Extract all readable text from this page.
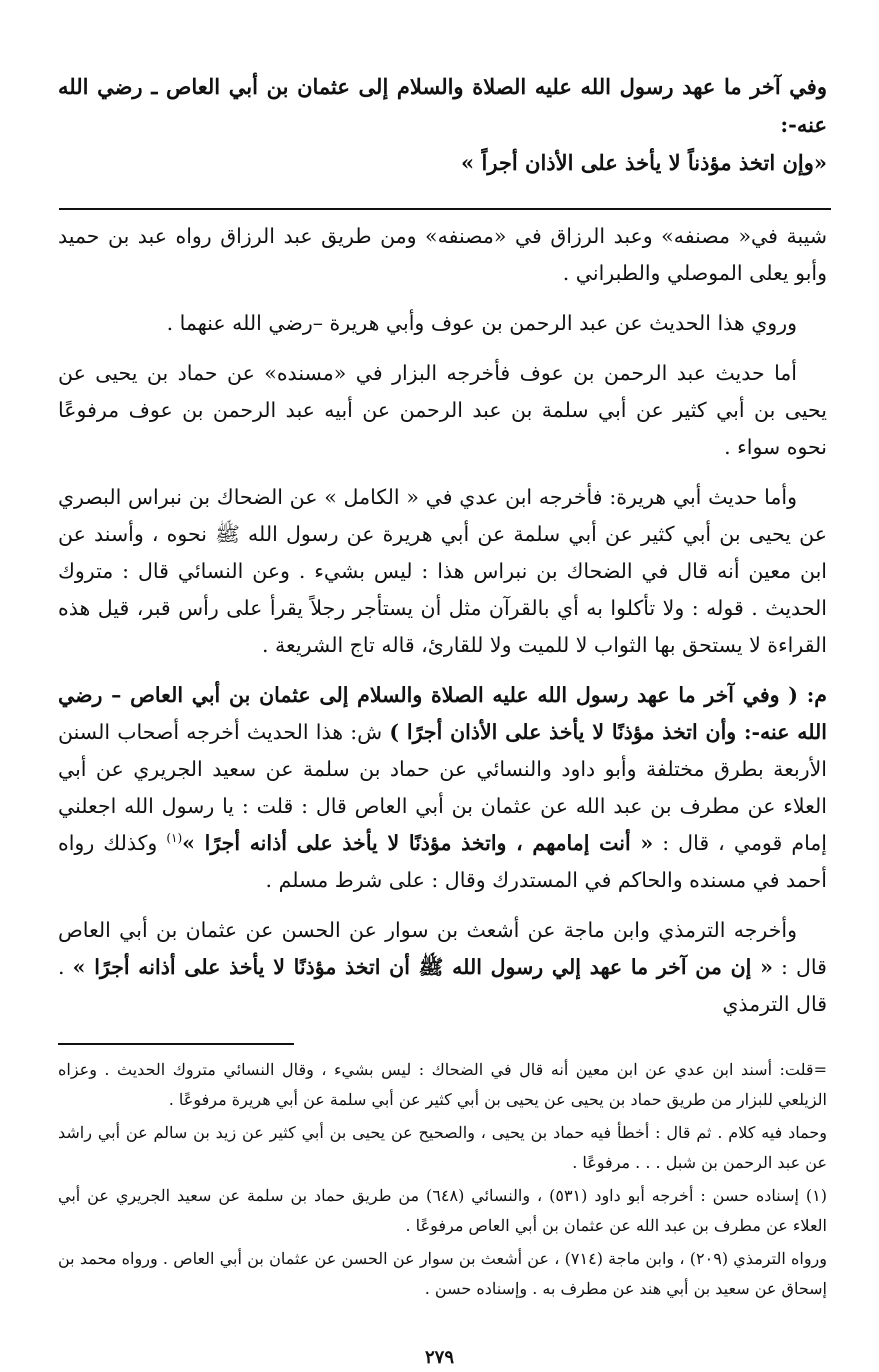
وفي آخر ما عهد رسول الله عليه الصلاة والسلام إلى عثمان بن أبي العاص ـ رضي الله عنه-:
«وإن اتخذ مؤذناً لا يأخذ على الأذان أجراً »

شيبة في« مصنفه» وعبد الرزاق في «مصنفه» ومن طريق عبد الرزاق رواه عبد بن حميد وأبو يعلى الموصلي والطبراني .

وروي هذا الحديث عن عبد الرحمن بن عوف وأبي هريرة –رضي الله عنهما .

أما حديث عبد الرحمن بن عوف فأخرجه البزار في «مسنده» عن حماد بن يحيى عن يحيى بن أبي كثير عن أبي سلمة بن عبد الرحمن عن أبيه عبد الرحمن بن عوف مرفوعًا نحوه سواء .

وأما حديث أبي هريرة: فأخرجه ابن عدي في « الكامل » عن الضحاك بن نبراس البصري عن يحيى بن أبي كثير عن أبي سلمة عن أبي هريرة عن رسول الله ﷺ نحوه ، وأسند عن ابن معين أنه قال في الضحاك بن نبراس هذا : ليس بشيء . وعن النسائي قال : متروك الحديث . قوله : ولا تأكلوا به أي بالقرآن مثل أن يستأجر رجلاً يقرأ على رأس قبر، قيل هذه القراءة لا يستحق بها الثواب لا للميت ولا للقارئ، قاله تاج الشريعة .

م: ( وفي آخر ما عهد رسول الله عليه الصلاة والسلام إلى عثمان بن أبي العاص – رضي الله عنه-: وأن اتخذ مؤذنًا لا يأخذ على الأذان أجرًا ) ش: هذا الحديث أخرجه أصحاب السنن الأربعة بطرق مختلفة وأبو داود والنسائي عن حماد بن سلمة عن سعيد الجريري عن أبي العلاء عن مطرف بن عبد الله عن عثمان بن أبي العاص قال : قلت : يا رسول الله اجعلني إمام قومي ، قال : « أنت إمامهم ، واتخذ مؤذنًا لا يأخذ على أذانه أجرًا »$^{(١)}$ وكذلك رواه أحمد في مسنده والحاكم في المستدرك وقال : على شرط مسلم .

وأخرجه الترمذي وابن ماجة عن أشعث بن سوار عن الحسن عن عثمان بن أبي العاص قال : « إن من آخر ما عهد إلي رسول الله ﷺ أن اتخذ مؤذنًا لا يأخذ على أذانه أجرًا » . قال الترمذي

=قلت: أسند ابن عدي عن ابن معين أنه قال في الضحاك : ليس بشيء ، وقال النسائي متروك الحديث . وعزاه الزيلعي للبزار من طريق حماد بن يحيى عن يحيى بن أبي كثير عن أبي سلمة عن أبي هريرة مرفوعًا .

وحماد فيه كلام . ثم قال : أخطأ فيه حماد بن يحيى ، والصحيح عن يحيى بن أبي كثير عن زيد بن سالم عن أبي راشد عن عبد الرحمن بن شبل . . . مرفوعًا .

(١) إسناده حسن : أخرجه أبو داود (٥٣١) ، والنسائي (٦٤٨) من طريق حماد بن سلمة عن سعيد الجريري عن أبي العلاء عن مطرف بن عبد الله عن عثمان بن أبي العاص مرفوعًا .

ورواه الترمذي (٢٠٩) ، وابن ماجة (٧١٤) ، عن أشعث بن سوار عن الحسن عن عثمان بن أبي العاص . ورواه محمد بن إسحاق عن سعيد بن أبي هند عن مطرف به . وإسناده حسن .

٢٧٩
